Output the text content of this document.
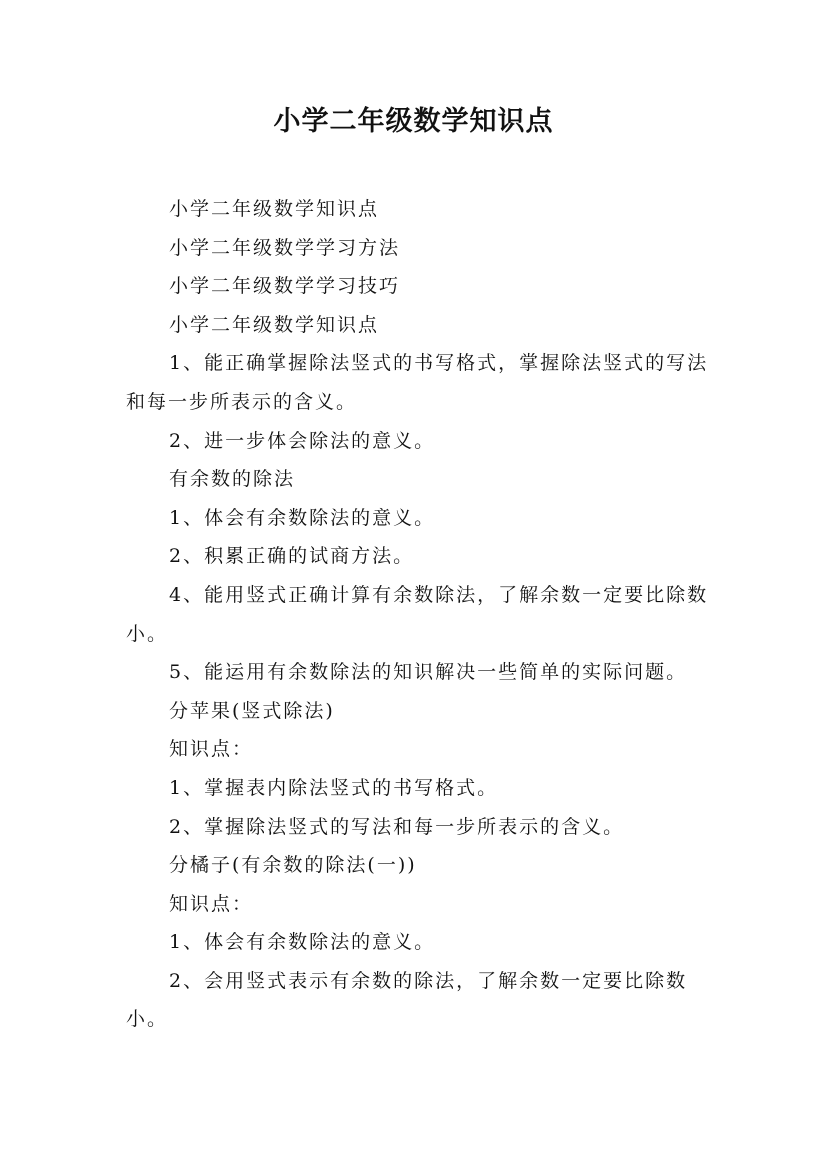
小学二年级数学知识点

小学二年级数学知识点

小学二年级数学学习方法

小学二年级数学学习技巧

小学二年级数学知识点

1、能正确掌握除法竖式的书写格式，掌握除法竖式的写法和每一步所表示的含义。

2、进一步体会除法的意义。

有余数的除法

1、体会有余数除法的意义。

2、积累正确的试商方法。

4、能用竖式正确计算有余数除法，了解余数一定要比除数小。

5、能运用有余数除法的知识解决一些简单的实际问题。

分苹果(竖式除法)

知识点：

1、掌握表内除法竖式的书写格式。

2、掌握除法竖式的写法和每一步所表示的含义。

分橘子(有余数的除法(一))

知识点：

1、体会有余数除法的意义。

2、会用竖式表示有余数的除法，了解余数一定要比除数小。
